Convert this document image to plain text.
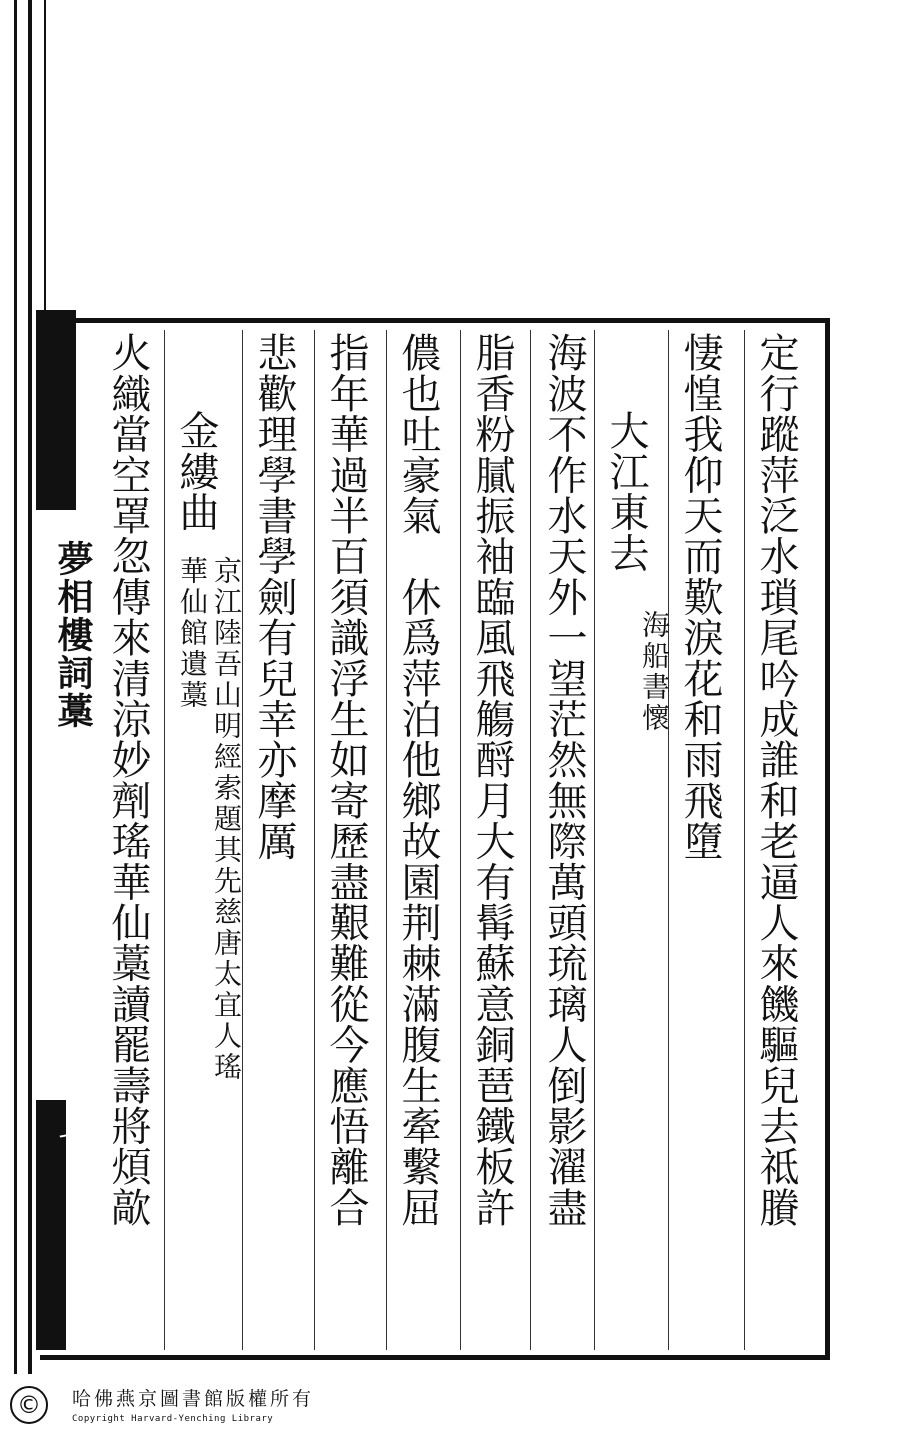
夢相樓詞藁
廿七	定行蹤萍泛水瑣尾吟成誰和老逼人來饑驅兒去祗賸
悽惶我仰天而歎淚花和雨飛墮
大江東去
海船書懷
海波不作水天外一望茫然無際萬頭琉璃人倒影濯盡
脂香粉膩振袖臨風飛觴酹月大有髯蘇意銅琶鐵板許
儂也吐豪氣　休爲萍泊他鄉故園荆棘滿腹生牽繫屈
指年華過半百須識浮生如寄歷盡艱難從今應悟離合
悲歡理學書學劍有兒幸亦摩厲
金縷曲
京江陸吾山明經索題其先慈唐太宜人瑤
華仙館遺藁
火織當空罩忽傳來清涼妙劑瑤華仙藁讀罷壽將煩歊
©	哈佛燕京圖書館版權所有
Copyright Harvard-Yenching Library
